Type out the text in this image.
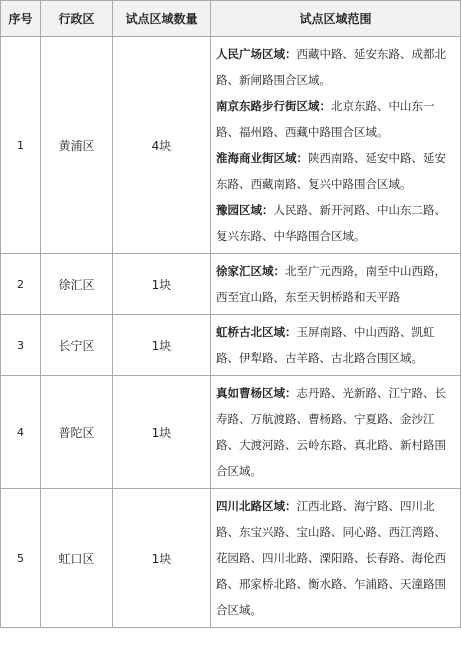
序号	行政区	试点区域数量	试点区域范围
1	黄浦区	4块	人民广场区域：西藏中路、延安东路、成都北路、新闸路围合区域。

南京东路步行街区域：北京东路、中山东一路、福州路、西藏中路围合区域。

淮海商业街区域：陕西南路、延安中路、延安东路、西藏南路、复兴中路围合区域。

豫园区域：人民路、新开河路、中山东二路、复兴东路、中华路围合区域。

2	徐汇区	1块	徐家汇区域：北至广元西路，南至中山西路，西至宜山路，东至天钥桥路和天平路

3	长宁区	1块	虹桥古北区域：玉屏南路、中山西路、凯虹路、伊犁路、古羊路、古北路合围区域。

4	普陀区	1块	真如曹杨区域：志丹路、光新路、江宁路、长寿路、万航渡路、曹杨路、宁夏路、金沙江路、大渡河路、云岭东路、真北路、新村路围合区域。

5	虹口区	1块	四川北路区域：江西北路、海宁路、四川北路、东宝兴路、宝山路、同心路、西江湾路、花园路、四川北路、溧阳路、长春路、海伦西路、邢家桥北路、衡水路、乍浦路、天潼路围合区域。
